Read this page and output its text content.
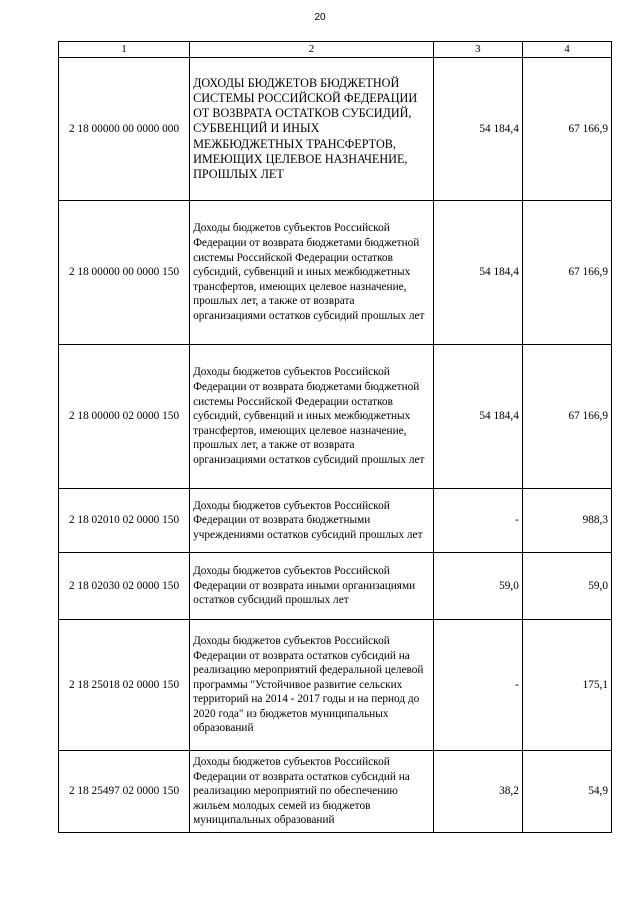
20
1	2	3	4
2 18 00000 00 0000 000	ДОХОДЫ БЮДЖЕТОВ БЮДЖЕТНОЙ СИСТЕМЫ РОССИЙСКОЙ ФЕДЕРАЦИИ ОТ ВОЗВРАТА ОСТАТКОВ СУБСИДИЙ, СУБВЕНЦИЙ И ИНЫХ МЕЖБЮДЖЕТНЫХ ТРАНСФЕРТОВ, ИМЕЮЩИХ ЦЕЛЕВОЕ НАЗНАЧЕНИЕ, ПРОШЛЫХ ЛЕТ	54 184,4	67 166,9
2 18 00000 00 0000 150	Доходы бюджетов субъектов Российской Федерации от возврата бюджетами бюджетной системы Российской Федерации остатков субсидий, субвенций и иных межбюджетных трансфертов, имеющих целевое назначение, прошлых лет, а также от возврата организациями остатков субсидий прошлых лет	54 184,4	67 166,9
2 18 00000 02 0000 150	Доходы бюджетов субъектов Российской Федерации от возврата бюджетами бюджетной системы Российской Федерации остатков субсидий, субвенций и иных межбюджетных трансфертов, имеющих целевое назначение, прошлых лет, а также от возврата организациями остатков субсидий прошлых лет	54 184,4	67 166,9
2 18 02010 02 0000 150	Доходы бюджетов субъектов Российской Федерации от возврата бюджетными учреждениями остатков субсидий прошлых лет	-	988,3
2 18 02030 02 0000 150	Доходы бюджетов субъектов Российской Федерации от возврата иными организациями остатков субсидий прошлых лет	59,0	59,0
2 18 25018 02 0000 150	Доходы бюджетов субъектов Российской Федерации от возврата остатков субсидий на реализацию мероприятий федеральной целевой программы "Устойчивое развитие сельских территорий на 2014 - 2017 годы и на период до 2020 года" из бюджетов муниципальных образований	-	175,1
2 18 25497 02 0000 150	Доходы бюджетов субъектов Российской Федерации от возврата остатков субсидий на реализацию мероприятий по обеспечению жильем молодых семей из бюджетов муниципальных образований	38,2	54,9
